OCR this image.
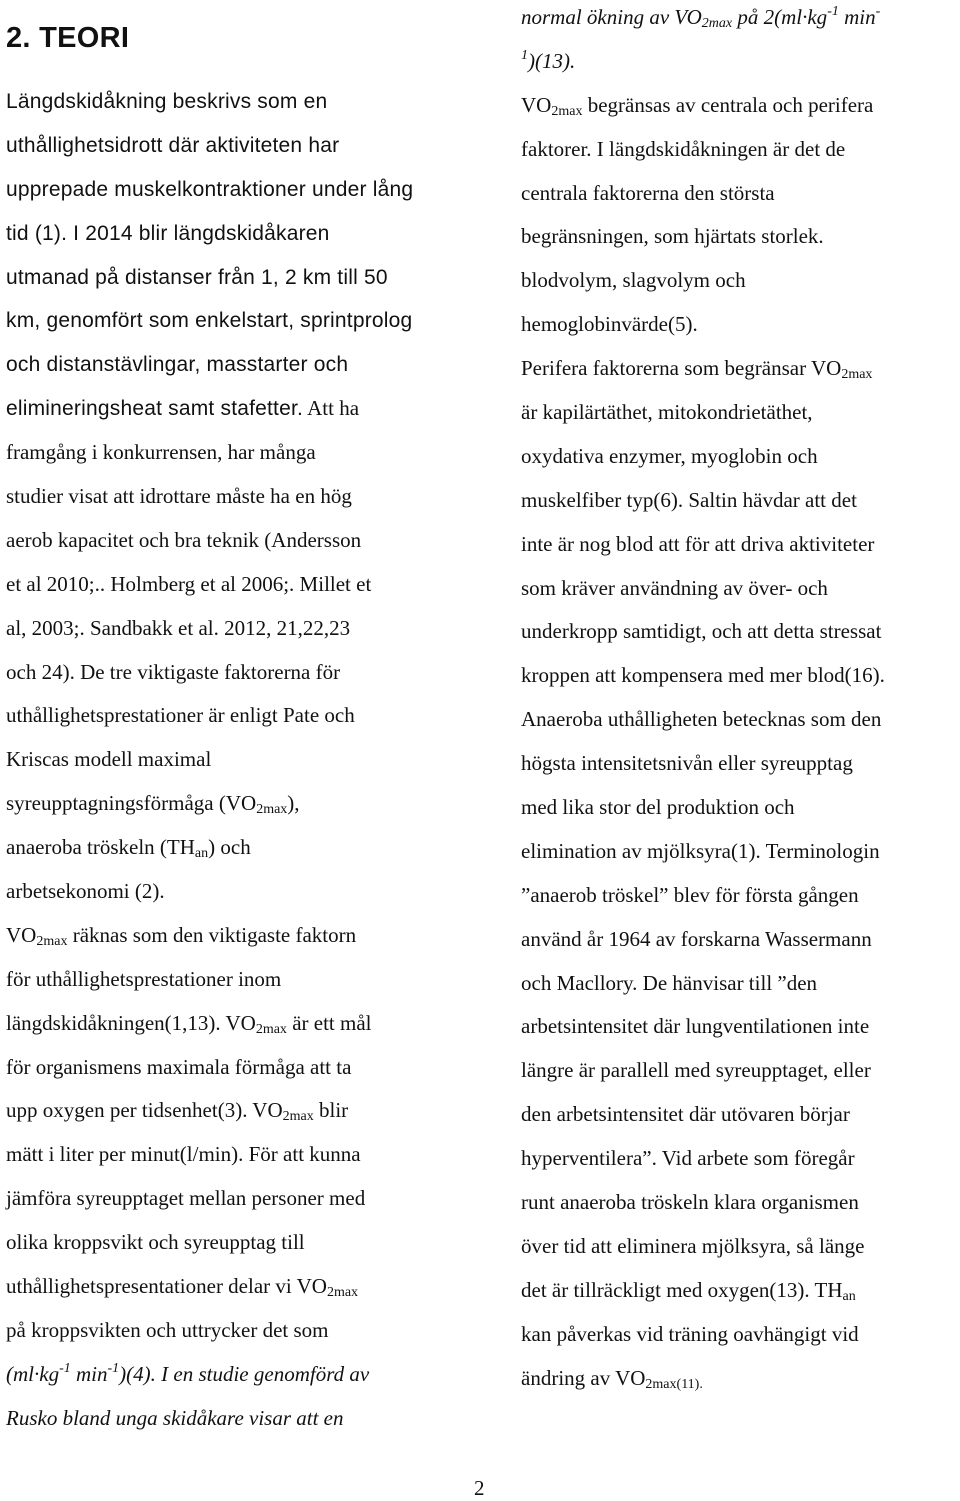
2. TEORI
Längdskidåkning beskrivs som en
uthållighetsidrott där aktiviteten har
upprepade muskelkontraktioner under lång
tid (1). I 2014 blir längdskidåkaren
utmanad på distanser från 1, 2 km till 50
km, genomfört som enkelstart, sprintprolog
och distanstävlingar, masstarter och
elimineringsheat samt stafetter. Att ha
framgång i konkurrensen, har många
studier visat att idrottare måste ha en hög
aerob kapacitet och bra teknik (Andersson
et al 2010;.. Holmberg et al 2006;. Millet et
al, 2003;. Sandbakk et al. 2012, 21,22,23
och 24). De tre viktigaste faktorerna för
uthållighetsprestationer är enligt Pate och
Kriscas modell maximal
syreupptagningsförmåga $(VO_{2max})$,
anaeroba tröskeln $(TH_{an})$ och
arbetsekonomi (2).
$VO_{2max}$ räknas som den viktigaste faktorn
för uthållighetsprestationer inom
längdskidåkningen(1,13). $VO_{2max}$ är ett mål
för organismens maximala förmåga att ta
upp oxygen per tidsenhet(3). $VO_{2max}$ blir
mätt i liter per minut(l/min). För att kunna
jämföra syreupptaget mellan personer med
olika kroppsvikt och syreupptag till
uthållighetspresentationer delar vi $VO_{2max}$
på kroppsvikten och uttrycker det som
($ml\cdot kg^{-1}$ $\min^{-1})(4)$. I en studie genomförd av
Rusko bland unga skidåkare visar att en
normal ökning av $VO_{2max}$ på $2(ml\cdot kg^{-1}$ min-
$^1$)(13).
$VO_{2max}$ begränsas av centrala och perifera
faktorer. I längdskidåkningen är det de
centrala faktorerna den största
begränsningen, som hjärtats storlek.
blodvolym, slagvolym och
hemoglobinvärde(5).
Perifera faktorerna som begränsar $VO_{2max}$
är kapilärtäthet, mitokondrietäthet,
oxydativa enzymer, myoglobin och
muskelfiber typ(6). Saltin hävdar att det
inte är nog blod att för att driva aktiviteter
som kräver användning av över- och
underkropp samtidigt, och att detta stressat
kroppen att kompensera med mer blod(16).
Anaeroba uthålligheten betecknas som den
högsta intensitetsnivån eller syreupptag
med lika stor del produktion och
elimination av mjölksyra(1). Terminologin
”anaerob tröskel” blev för första gången
använd år 1964 av forskarna Wassermann
och Macllory. De hänvisar till ”den
arbetsintensitet där lungventilationen inte
längre är parallell med syreupptaget, eller
den arbetsintensitet där utövaren börjar
hyperventilera”. Vid arbete som föregår
runt anaeroba tröskeln klara organismen
över tid att eliminera mjölksyra, så länge
det är tillräckligt med oxygen(13). $TH_{an}$
kan påverkas vid träning oavhängigt vid
ändring av $VO_{2max(11).}$
2
